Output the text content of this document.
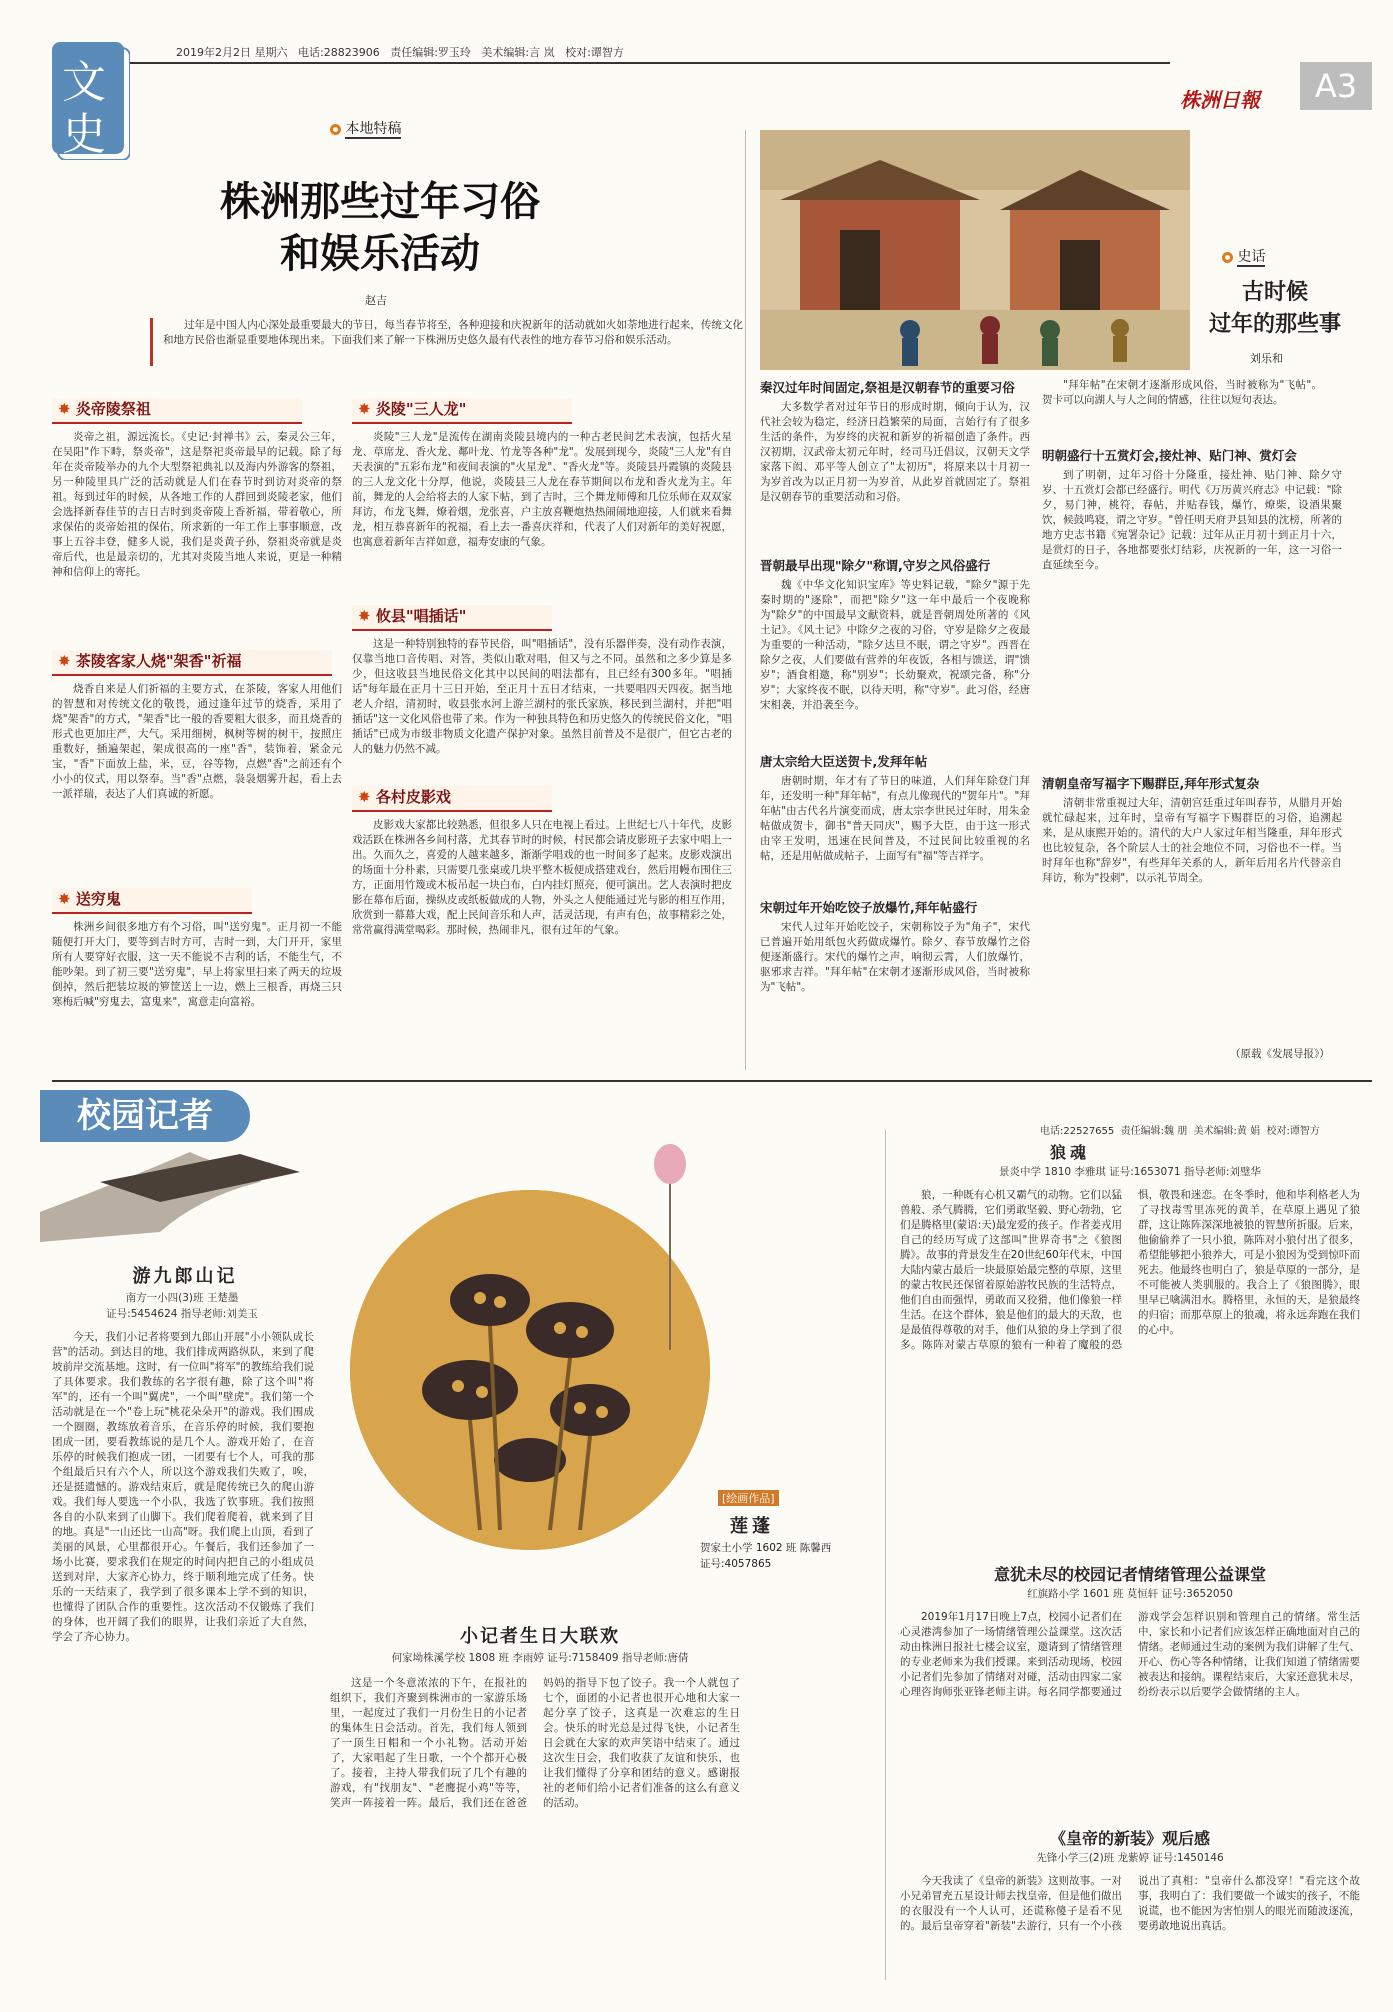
文
史
2019年2月2日 星期六 电话:28823906 责任编辑:罗玉玲 美术编辑:言 岚 校对:谭智方
株洲日報	A3
本地特稿
株洲那些过年习俗
和娱乐活动
赵吉

过年是中国人内心深处最重要最大的节日，每当春节将至，各种迎接和庆祝新年的活动就如火如荼地进行起来，传统文化和地方民俗也渐显重要地体现出来。下面我们来了解一下株洲历史悠久最有代表性的地方春节习俗和娱乐活动。

✸ 炎帝陵祭祖

炎帝之祖，源远流长。《史记·封禅书》云，秦灵公三年，在吴阳"作下畤，祭炎帝"，这是祭祀炎帝最早的记载。除了每年在炎帝陵举办的九个大型祭祀典礼以及海内外游客的祭祖，另一种陵里具广泛的活动就是人们在春节时到访对炎帝的祭祖。每到过年的时候，从各地工作的人群回到炎陵老家，他们会选择新春佳节的吉日吉时到炎帝陵上香祈福，带着敬心，所求保佑的炎帝始祖的保佑，所求新的一年工作上事事顺意，改事上五谷丰登，健多人说，我们是炎黄子孙，祭祖炎帝就是炎帝后代，也是最亲切的，尤其对炎陵当地人来说，更是一种精神和信仰上的寄托。

✸ 茶陵客家人烧"架香"祈福

烧香自来是人们祈福的主要方式，在茶陵，客家人用他们的智慧和对传统文化的敬畏，通过逢年过节的烧香，采用了烧"架香"的方式，"架香"比一般的香要粗大很多，而且烧香的形式也更加庄严，大气。采用细树，枫树等树的树干，按照庄重数好，插遍架起，架成很高的一座"香"，装饰着，紧金元宝，"香"下面放上盐，米，豆，谷等物，点燃"香"之前还有个小小的仪式，用以祭奉。当"香"点燃，袅袅烟雾升起，看上去一派祥瑞，表达了人们真诚的祈愿。

✸ 送穷鬼

株洲乡间很多地方有个习俗，叫"送穷鬼"。正月初一不能随便打开大门，要等到吉时方可，吉时一到，大门开开，家里所有人要穿好衣服，这一天不能说不吉利的话，不能生气，不能吵架。到了初三要"送穷鬼"，早上将家里扫来了两天的垃圾倒掉，然后把装垃圾的箩筐送上一边，燃上三根香，再烧三只寒梅后喊"穷鬼去，富鬼来"，寓意走向富裕。

✸ 炎陵"三人龙"

炎陵"三人龙"是流传在湖南炎陵县境内的一种古老民间艺术表演，包括火星龙、草席龙、香火龙、鄰叶龙、竹龙等各种"龙"。发展到现今，炎陵"三人龙"有自天表演的"五彩布龙"和夜间表演的"火星龙"、"香火龙"等。炎陵县丹霞镇的炎陵县的三人龙文化十分厚，他说，炎陵县三人龙在春节期间以布龙和香火龙为主。年前，舞龙的人会给将去的人家下帖，到了吉时，三个舞龙师傅和几位乐师在双双家拜访，布龙飞舞，燎着烟，龙张喜，户主放喜鞭炮热热闹闹地迎接，人们就来看舞龙，相互恭喜新年的祝福，看上去一番喜庆祥和，代表了人们对新年的美好祝愿，也寓意着新年吉祥如意，福寿安康的气象。

✸ 攸县"唱插话"

这是一种特别独特的春节民俗，叫"唱插话"，没有乐器伴奏，没有动作表演，仅靠当地口音传唱、对答，类似山歌对唱，但又与之不同。虽然和之多少算是多少，但这收县当地民俗文化其中以民间的唱法都有，且已经有300多年。"唱插话"每年最在正月十三日开始，至正月十五日才结束，一共要唱四天四夜。据当地老人介绍，清初时，收县张水河上游兰湖村的张氏家族，移民到兰湖村，并把"唱插话"这一文化风俗也带了来。作为一种独具特色和历史悠久的传统民俗文化，"唱插话"已成为市级非物质文化遗产保护对象。虽然目前普及不是很广，但它古老的人的魅力仍然不减。

✸ 各村皮影戏

皮影戏大家都比较熟悉，但很多人只在电视上看过。上世纪七八十年代，皮影戏活跃在株洲各乡间村落，尤其春节时的时候，村民都会请皮影班子去家中唱上一出。久而久之，喜爱的人越来越多，渐渐学唱戏的也一时间多了起来。皮影戏演出的场面十分朴素，只需要几张桌或几块平整木板便成搭建戏台，然后用幔布围住三方，正面用竹篾或木板吊起一块白布，白内挂灯照亮，便可演出。艺人表演时把皮影在幕布后面，操纵皮或纸板做成的人物，外头之人便能通过光与影的相互作用，欣赏到一幕幕大戏，配上民间音乐和人声，活灵活现，有声有色，故事精彩之处，常常赢得满堂喝彩。那时候，热闹非凡，很有过年的气象。

史话
古时候
过年的那些事
刘乐和
秦汉过年时间固定,祭祖是汉朝春节的重要习俗

大多数学者对过年节日的形成时期，倾向于认为，汉代社会较为稳定，经济日趋繁荣的局面，言始行有了很多生活的条件，为岁终的庆祝和新岁的祈福创造了条件。西汉初期，汉武帝太初元年时，经司马迁倡议，汉朝天文学家落下闳、邓平等人创立了"太初历"，将原来以十月初一为岁首改为以正月初一为岁首，从此岁首就固定了。祭祖是汉朝春节的重要活动和习俗。

晋朝最早出现"除夕"称谓,守岁之风俗盛行

魏《中华文化知识宝库》等史料记载，"除夕"源于先秦时期的"逐除"，而把"除夕"这一年中最后一个夜晚称为"除夕"的中国最早文献资料，就是晋朝周处所著的《风土记》。《风土记》中除夕之夜的习俗，守岁是除夕之夜最为重要的一种活动，"除夕达旦不眠，谓之守岁"。西晋在除夕之夜，人们要做有营养的年夜饭，各相与馈送，谓"馈岁"；酒食相邀，称"别岁"；长幼聚欢，祝颂完备，称"分岁"；大家终夜不眠，以待天明，称"守岁"。此习俗，经唐宋相袭，并沿袭至今。

唐太宗给大臣送贺卡,发拜年帖

唐朝时期，年才有了节日的味道，人们拜年除登门拜年，还发明一种"拜年帖"，有点儿像现代的"贺年片"。"拜年帖"由古代名片演变而成，唐太宗李世民过年时，用朱金帖做成贺卡，御书"普天同庆"，赐予大臣，由于这一形式由宰王发明，迅速在民间普及，不过民间比较重视的名帖，还是用帖做成帖子，上面写有"福"等吉祥字。

宋朝过年开始吃饺子放爆竹,拜年帖盛行

宋代人过年开始吃饺子，宋朝称饺子为"角子"，宋代已普遍开始用纸包火药做成爆竹。除夕、春节放爆竹之俗便逐渐盛行。宋代的爆竹之声，响彻云霄，人们放爆竹，驱邪求吉祥。"拜年帖"在宋朝才逐渐形成风俗，当时被称为"飞帖"。

"拜年帖"在宋朝才逐渐形成风俗，当时被称为"飞帖"。贺卡可以向湖人与人之间的情感，往往以短句表达。

明朝盛行十五赏灯会,接灶神、贴门神、赏灯会

到了明朝，过年习俗十分隆重，接灶神、贴门神、除夕守岁、十五赏灯会都已经盛行。明代《万历黄兴府志》中记载："除夕，易门神，桃符，春帖，并贴春钱，爆竹，燎柴，设酒果聚饮，候鼓鸣寝，谓之守岁。"曾任明天府尹县知县的沈榜，所著的地方史志书籍《宛署杂记》记载：过年从正月初十到正月十六，是赏灯的日子，各地都要张灯结彩，庆祝新的一年，这一习俗一直延续至今。

清朝皇帝写福字下赐群臣,拜年形式复杂

清朝非常重视过大年，清朝宫廷重过年叫春节，从腊月开始就忙碌起来，过年时，皇帝有写福字下赐群臣的习俗，追溯起来，是从康熙开始的。清代的大户人家过年相当隆重，拜年形式也比较复杂，各个阶层人士的社会地位不同，习俗也不一样。当时拜年也称"辞岁"，有些拜年关系的人，新年后用名片代替亲自拜访，称为"投刺"，以示礼节周全。

（原载《发展导报》）
校园记者	电话:22527655 责任编辑:魏 朋 美术编辑:黄 娟 校对:谭智方
游九郎山记
南方一小四(3)班 王楚墨
证号:5454624 指导老师:刘美玉

今天，我们小记者将要到九郎山开展"小小领队成长营"的活动。到达目的地，我们排成两路纵队，来到了爬坡前岸交流基地。这时，有一位叫"将军"的教练给我们说了具体要求。我们教练的名字很有趣，除了这个叫"将军"的，还有一个叫"翼虎"，一个叫"壁虎"。我们第一个活动就是在一个"卷上玩"桃花朵朵开"的游戏。我们围成一个圈圈，教练放着音乐，在音乐停的时候，我们要抱团成一团，要看教练说的是几个人。游戏开始了，在音乐停的时候我们抱成一团，一团要有七个人，可我的那个组最后只有六个人，所以这个游戏我们失败了，唉，还是挺遗憾的。游戏结束后，就是爬传统已久的爬山游戏。我们每人要选一个小队，我选了钦事班。我们按照各自的小队来到了山脚下。我们爬着爬着，就来到了目的地。真是"一山还比一山高"呀。我们爬上山顶，看到了美丽的风景，心里都很开心。午餐后，我们还参加了一场小比赛，要求我们在规定的时间内把自己的小组成员送到对岸，大家齐心协力，终于顺利地完成了任务。快乐的一天结束了，我学到了很多课本上学不到的知识，也懂得了团队合作的重要性。这次活动不仅锻炼了我们的身体，也开阔了我们的眼界，让我们亲近了大自然，学会了齐心协力。

[绘画作品]
莲蓬
贺家土小学 1602 班 陈馨西
证号:4057865
小记者生日大联欢
何家坳株溪学校 1808 班 李雨婷 证号:7158409 指导老师:唐倩

这是一个冬意浓浓的下午，在报社的组织下，我们齐聚到株洲市的一家游乐场里，一起度过了我们一月份生日的小记者的集体生日会活动。首先，我们每人领到了一顶生日帽和一个小礼物。活动开始了，大家唱起了生日歌，一个个都开心极了。接着，主持人带我们玩了几个有趣的游戏，有"找朋友"、"老鹰捉小鸡"等等，笑声一阵接着一阵。最后，我们还在爸爸妈妈的指导下包了饺子。我一个人就包了七个，面团的小记者也很开心地和大家一起分享了饺子，这真是一次难忘的生日会。快乐的时光总是过得飞快，小记者生日会就在大家的欢声笑语中结束了。通过这次生日会，我们收获了友谊和快乐，也让我们懂得了分享和团结的意义。感谢报社的老师们给小记者们准备的这么有意义的活动。

狼魂
景炎中学 1810 李雅琪 证号:1653071 指导老师:刘璧华

狼，一种既有心机又霸气的动物。它们以猛兽般、杀气腾腾，它们勇敢坚毅、野心勃勃，它们是腾格里(蒙语:天)最宠爱的孩子。作者姜戎用自己的经历写成了这部叫"世界奇书"之《狼图腾》。故事的背景发生在20世纪60年代末，中国大陆内蒙古最后一块最原始最完整的草原，这里的蒙古牧民还保留着原始游牧民族的生活特点，他们自由而强悍，勇敢而又狡猾，他们像狼一样生活。在这个群体，狼是他们的最大的天敌，也是最值得尊敬的对手，他们从狼的身上学到了很多。陈阵对蒙古草原的狼有一种着了魔般的恐惧，敬畏和迷恋。在冬季时，他和毕利格老人为了寻找毒雪里冻死的黄羊，在草原上遇见了狼群，这让陈阵深深地被狼的智慧所折服。后来，他偷偷养了一只小狼，陈阵对小狼付出了很多，希望能够把小狼养大，可是小狼因为受到惊吓而死去。他最终也明白了，狼是草原的一部分，是不可能被人类驯服的。我合上了《狼图腾》，眼里早已噙满泪水。腾格里，永恒的天，是狼最终的归宿；而那草原上的狼魂，将永远奔跑在我们的心中。

意犹未尽的校园记者情绪管理公益课堂
红旗路小学 1601 班 莫恒轩 证号:3652050

2019年1月17日晚上7点，校园小记者们在心灵港湾参加了一场情绪管理公益课堂。这次活动由株洲日报社七楼会议室，邀请到了情绪管理的专业老师来为我们授课。来到活动现场，校园小记者们先参加了情绪对对碰，活动由四家二家心理咨询师张亚锋老师主讲。每名同学都要通过游戏学会怎样识别和管理自己的情绪。常生活中，家长和小记者们应该怎样正确地面对自己的情绪。老师通过生动的案例为我们讲解了生气、开心、伤心等各种情绪，让我们知道了情绪需要被表达和接纳。课程结束后，大家还意犹未尽，纷纷表示以后要学会做情绪的主人。

《皇帝的新装》观后感
先锋小学三(2)班 龙紫婷 证号:1450146

今天我读了《皇帝的新装》这则故事。一对小兄弟冒充五星设计师去找皇帝，但是他们做出的衣服没有一个人认可，还谎称傻子是看不见的。最后皇帝穿着"新装"去游行，只有一个小孩说出了真相："皇帝什么都没穿！"看完这个故事，我明白了：我们要做一个诚实的孩子，不能说谎，也不能因为害怕别人的眼光而随波逐流，要勇敢地说出真话。
